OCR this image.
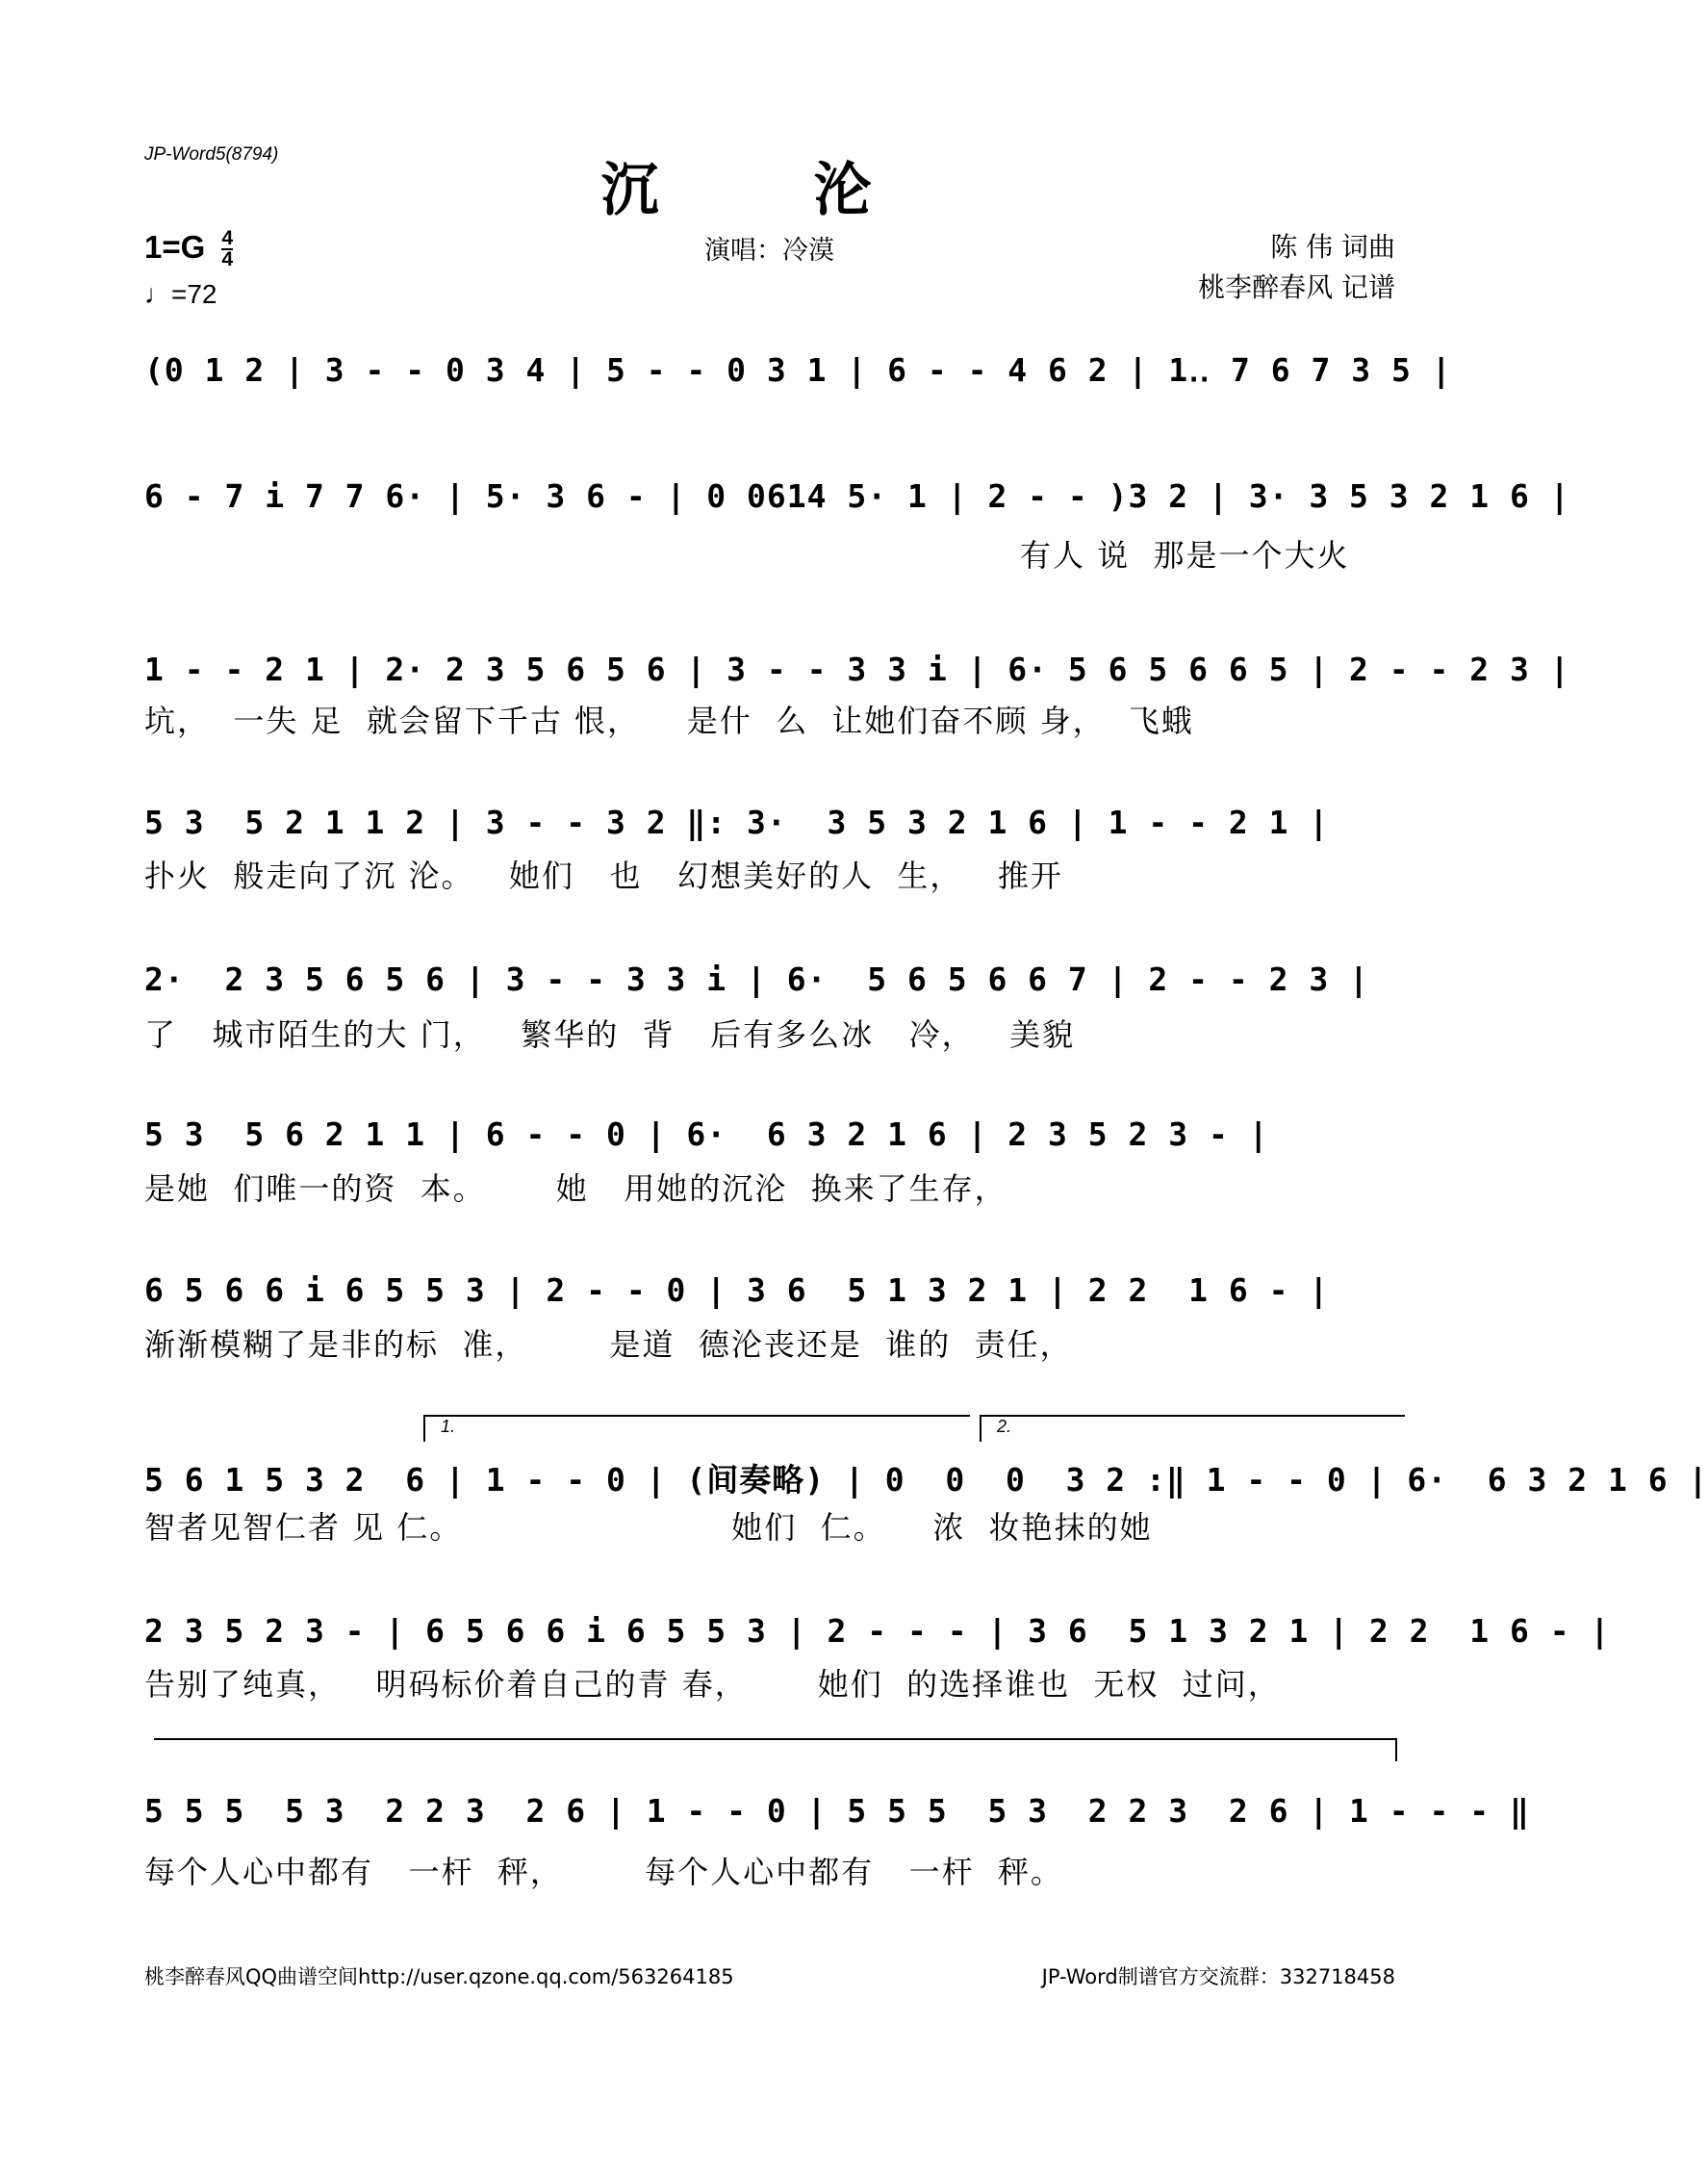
JP-Word5(8794)
沉 沦
$1=G \frac{4}{4}$
♩=72
演唱：冷漠	陈 伟 词曲
桃李醉春风 记谱
(0 1 2 | 3 - - 0 3 4 | 5 - - 0 3 1 | 6 - - 4 6 2 | 1‥ 7 6 7 3 5 |
6 - 7 i 7 7 6· | 5· 3 6 - | 0 0614 5· 1 | 2 - - )3 2 | 3· 3 5 3 2 1 6 |
有人 说  那是一个大火
1 - - 2 1 | 2· 2 3 5 6 5 6 | 3 - - 3 3 i | 6· 5 6 5 6 6 5 | 2 - - 2 3 |
坑，  一失 足  就会留下千古 恨，    是什  么  让她们奋不顾 身，  飞蛾
5 3  5 2 1 1 2 | 3 - - 3 2 ‖: 3·  3 5 3 2 1 6 | 1 - - 2 1 |
扑火  般走向了沉 沦。   她们   也   幻想美好的人  生，   推开
2·  2 3 5 6 5 6 | 3 - - 3 3 i | 6·  5 6 5 6 6 7 | 2 - - 2 3 |
了   城市陌生的大 门，   繁华的  背   后有多么冰   冷，   美貌
5 3  5 6 2 1 1 | 6 - - 0 | 6·  6 3 2 1 6 | 2 3 5 2 3 - |
是她  们唯一的资  本。      她   用她的沉沦  换来了生存，
6 5 6 6 i 6 5 5 3 | 2 - - 0 | 3 6  5 1 3 2 1 | 2 2  1 6 - |
渐渐模糊了是非的标  准，       是道  德沦丧还是  谁的  责任，
1.	2.
5 6 1 5 3 2  6 | 1 - - 0 | (间奏略) | 0  0  0  3 2 :‖ 1 - - 0 | 6·  6 3 2 1 6 |
智者见智仁者 见 仁。                       她们  仁。    浓  妆艳抹的她
2 3 5 2 3 - | 6 5 6 6 i 6 5 5 3 | 2 - - - | 3 6  5 1 3 2 1 | 2 2  1 6 - |
告别了纯真，   明码标价着自己的青 春，      她们  的选择谁也  无权  过问，
5 5 5  5 3  2 2 3  2 6 | 1 - - 0 | 5 5 5  5 3  2 2 3  2 6 | 1 - - - ‖
每个人心中都有   一杆  秤，       每个人心中都有   一杆  秤。
桃李醉春风QQ曲谱空间http://user.qzone.qq.com/563264185	JP-Word制谱官方交流群：332718458
